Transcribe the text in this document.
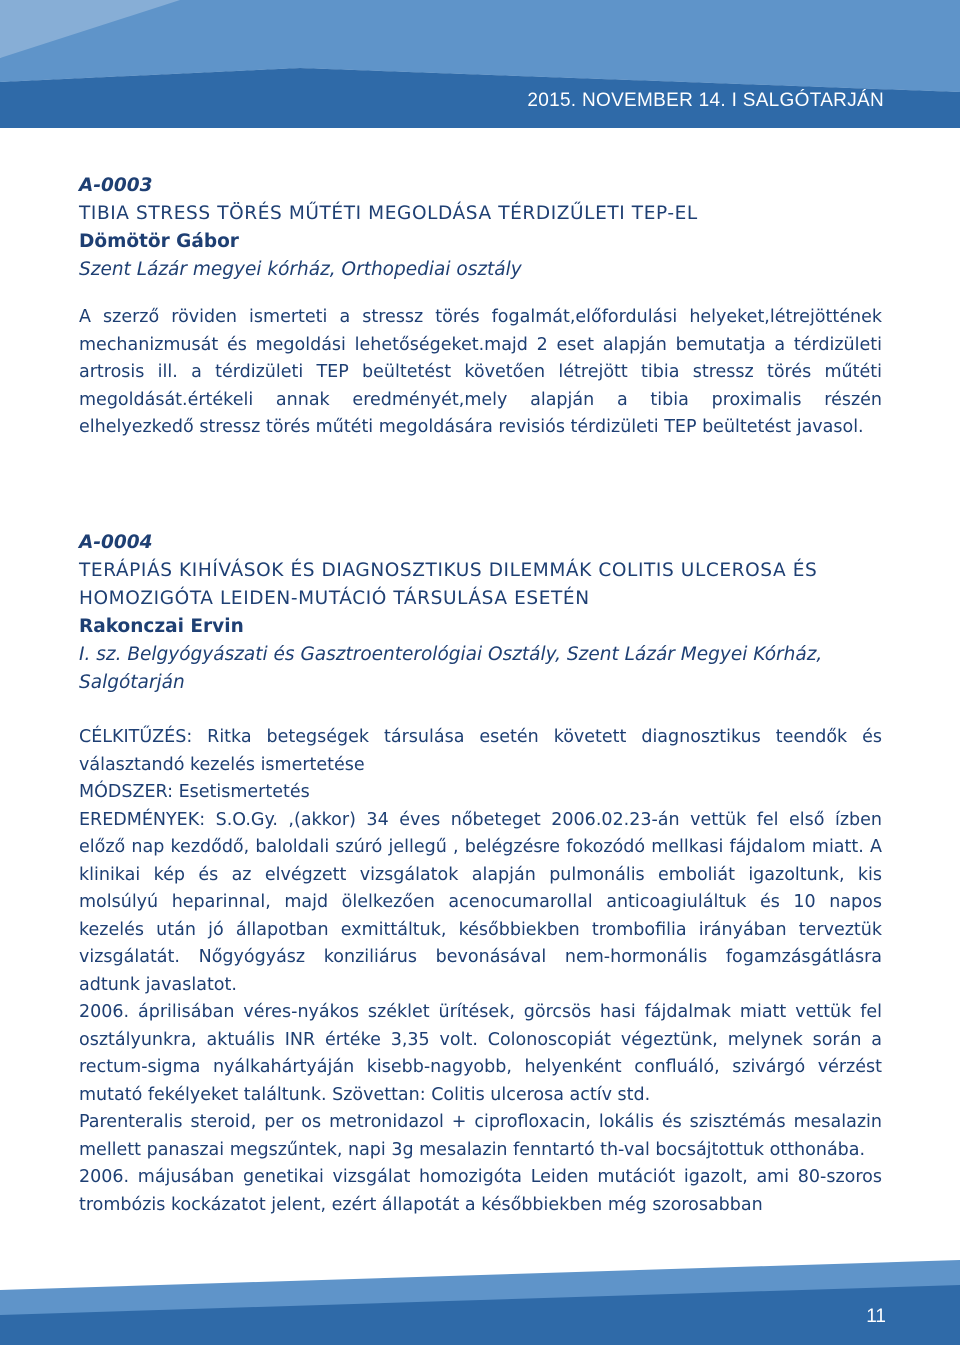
2015. NOVEMBER 14. I SALGÓTARJÁN
A-0003
TIBIA STRESS TÖRÉS MŰTÉTI MEGOLDÁSA TÉRDIZŰLETI TEP-EL
Dömötör Gábor
Szent Lázár megyei kórház, Orthopediai osztály
A szerző röviden ismerteti a stressz törés fogalmát,előfordulási helyeket,létrejöttének mechanizmusát és megoldási lehetőségeket.majd 2 eset alapján bemutatja a térdizületi artrosis ill. a térdizületi TEP beültetést követően létrejött tibia stressz törés műtéti megoldását.értékeli annak eredményét,mely alapján a tibia proximalis részén elhelyezkedő stressz törés műtéti megoldására revisiós térdizületi TEP beültetést javasol.
A-0004
TERÁPIÁS KIHÍVÁSOK ÉS DIAGNOSZTIKUS DILEMMÁK COLITIS ULCEROSA ÉS HOMOZIGÓTA LEIDEN-MUTÁCIÓ TÁRSULÁSA ESETÉN
Rakonczai Ervin
I. sz. Belgyógyászati és Gasztroenterológiai Osztály, Szent Lázár Megyei Kórház, Salgótarján
CÉLKITŰZÉS: Ritka betegségek társulása esetén követett diagnosztikus teendők és választandó kezelés ismertetése
MÓDSZER: Esetismertetés
EREDMÉNYEK: S.O.Gy. ,(akkor) 34 éves nőbeteget 2006.02.23-án vettük fel első ízben előző nap kezdődő, baloldali szúró jellegű , belégzésre fokozódó mellkasi fájdalom miatt. A klinikai kép és az elvégzett vizsgálatok alapján pulmonális emboliát igazoltunk, kis molsúlyú heparinnal, majd ölelkezően acenocumarollal anticoagiuláltuk és 10 napos kezelés után jó állapotban exmittáltuk, későbbiekben trombofilia irányában terveztük vizsgálatát. Nőgyógyász konziliárus bevonásával nem-hormonális fogamzásgátlásra adtunk javaslatot.
2006. áprilisában véres-nyákos széklet ürítések, görcsös hasi fájdalmak miatt vettük fel osztályunkra, aktuális INR értéke 3,35 volt. Colonoscopiát végeztünk, melynek során a rectum-sigma nyálkahártyáján kisebb-nagyobb, helyenként confluáló, szivárgó vérzést mutató fekélyeket találtunk. Szövettan: Colitis ulcerosa actív std.
Parenteralis steroid, per os metronidazol + ciprofloxacin, lokális és szisztémás mesalazin mellett panaszai megszűntek, napi 3g mesalazin fenntartó th-val bocsájtottuk otthonába.
2006. májusában genetikai vizsgálat homozigóta Leiden mutációt igazolt, ami 80-szoros trombózis kockázatot jelent, ezért állapotát a későbbiekben még szorosabban
11
